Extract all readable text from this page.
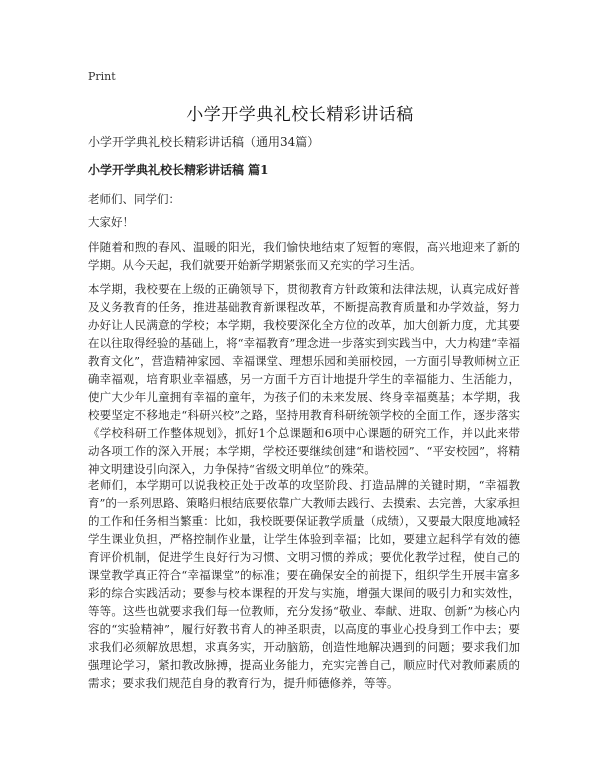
Print
小学开学典礼校长精彩讲话稿
小学开学典礼校长精彩讲话稿（通用34篇）
小学开学典礼校长精彩讲话稿 篇1

老师们、同学们：

大家好！

伴随着和煦的春风、温暖的阳光，我们愉快地结束了短暂的寒假，高兴地迎来了新的学期。从今天起，我们就要开始新学期紧张而又充实的学习生活。

本学期，我校要在上级的正确领导下，贯彻教育方针政策和法律法规，认真完成好普及义务教育的任务，推进基础教育新课程改革，不断提高教育质量和办学效益，努力办好让人民满意的学校；本学期，我校要深化全方位的改革，加大创新力度，尤其要在以往取得经验的基础上，将“幸福教育”理念进一步落实到实践当中，大力构建“幸福教育文化”，营造精神家园、幸福课堂、理想乐园和美丽校园，一方面引导教师树立正确幸福观，培育职业幸福感，另一方面千方百计地提升学生的幸福能力、生活能力，使广大少年儿童拥有幸福的童年，为孩子们的未来发展、终身幸福奠基；本学期，我校要坚定不移地走“科研兴校”之路，坚持用教育科研统领学校的全面工作，逐步落实《学校科研工作整体规划》，抓好1个总课题和6项中心课题的研究工作，并以此来带动各项工作的深入开展；本学期，学校还要继续创建“和谐校园”、“平安校园”，将精神文明建设引向深入，力争保持“省级文明单位”的殊荣。

老师们，本学期可以说我校正处于改革的攻坚阶段、打造品牌的关键时期，“幸福教育”的一系列思路、策略归根结底要依靠广大教师去践行、去摸索、去完善，大家承担的工作和任务相当繁重：比如，我校既要保证教学质量（成绩），又要最大限度地减轻学生课业负担，严格控制作业量，让学生体验到幸福；比如，要建立起科学有效的德育评价机制，促进学生良好行为习惯、文明习惯的养成；要优化教学过程，使自己的课堂教学真正符合“幸福课堂”的标准；要在确保安全的前提下，组织学生开展丰富多彩的综合实践活动；要参与校本课程的开发与实施，增强大课间的吸引力和实效性，等等。这些也就要求我们每一位教师，充分发扬“敬业、奉献、进取、创新”为核心内容的“实验精神”，履行好教书育人的神圣职责，以高度的事业心投身到工作中去；要求我们必须解放思想，求真务实，开动脑筋，创造性地解决遇到的问题；要求我们加强理论学习，紧扣教改脉搏，提高业务能力，充实完善自己，顺应时代对教师素质的需求；要求我们规范自身的教育行为，提升师德修养，等等。
